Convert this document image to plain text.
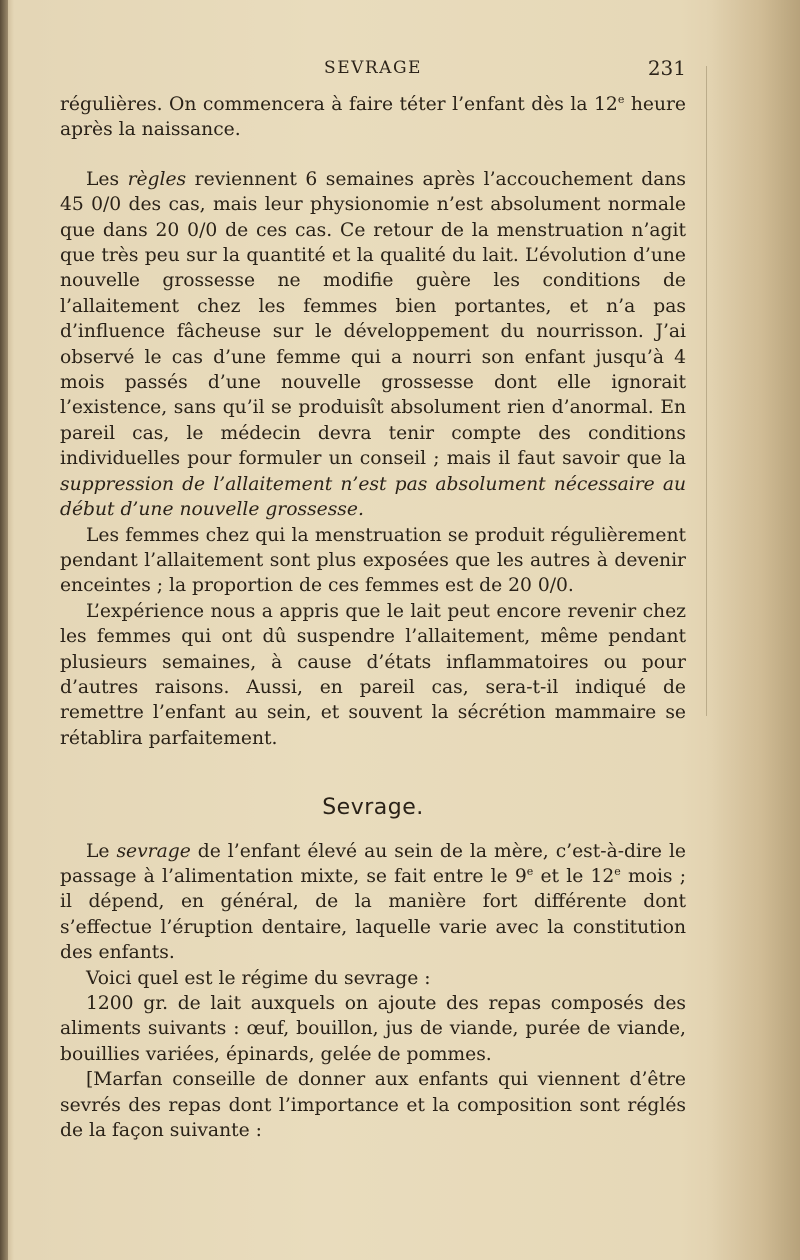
SEVRAGE	231

régulières. On commencera à faire téter l’enfant dès la 12e heure après la naissance.

Les règles reviennent 6 semaines après l’accouchement dans 45 0/0 des cas, mais leur physionomie n’est absolument normale que dans 20 0/0 de ces cas. Ce retour de la menstruation n’agit que très peu sur la quantité et la qualité du lait. L’évolution d’une nouvelle grossesse ne modifie guère les conditions de l’allaitement chez les femmes bien portantes, et n’a pas d’influence fâcheuse sur le développement du nourrisson. J’ai observé le cas d’une femme qui a nourri son enfant jusqu’à 4 mois passés d’une nouvelle grossesse dont elle ignorait l’existence, sans qu’il se produisît absolument rien d’anormal. En pareil cas, le médecin devra tenir compte des conditions individuelles pour formuler un conseil ; mais il faut savoir que la suppression de l’allaitement n’est pas absolument nécessaire au début d’une nouvelle grossesse.

Les femmes chez qui la menstruation se produit régulièrement pendant l’allaitement sont plus exposées que les autres à devenir enceintes ; la proportion de ces femmes est de 20 0/0.

L’expérience nous a appris que le lait peut encore revenir chez les femmes qui ont dû suspendre l’allaitement, même pendant plusieurs semaines, à cause d’états inflammatoires ou pour d’autres raisons. Aussi, en pareil cas, sera-t-il indiqué de remettre l’enfant au sein, et souvent la sécrétion mammaire se rétablira parfaitement.

Sevrage.

Le sevrage de l’enfant élevé au sein de la mère, c’est-à-dire le passage à l’alimentation mixte, se fait entre le 9e et le 12e mois ; il dépend, en général, de la manière fort différente dont s’effectue l’éruption dentaire, laquelle varie avec la constitution des enfants.

Voici quel est le régime du sevrage :

1200 gr. de lait auxquels on ajoute des repas composés des aliments suivants : œuf, bouillon, jus de viande, purée de viande, bouillies variées, épinards, gelée de pommes.

[Marfan conseille de donner aux enfants qui viennent d’être sevrés des repas dont l’importance et la composition sont réglés de la façon suivante :
